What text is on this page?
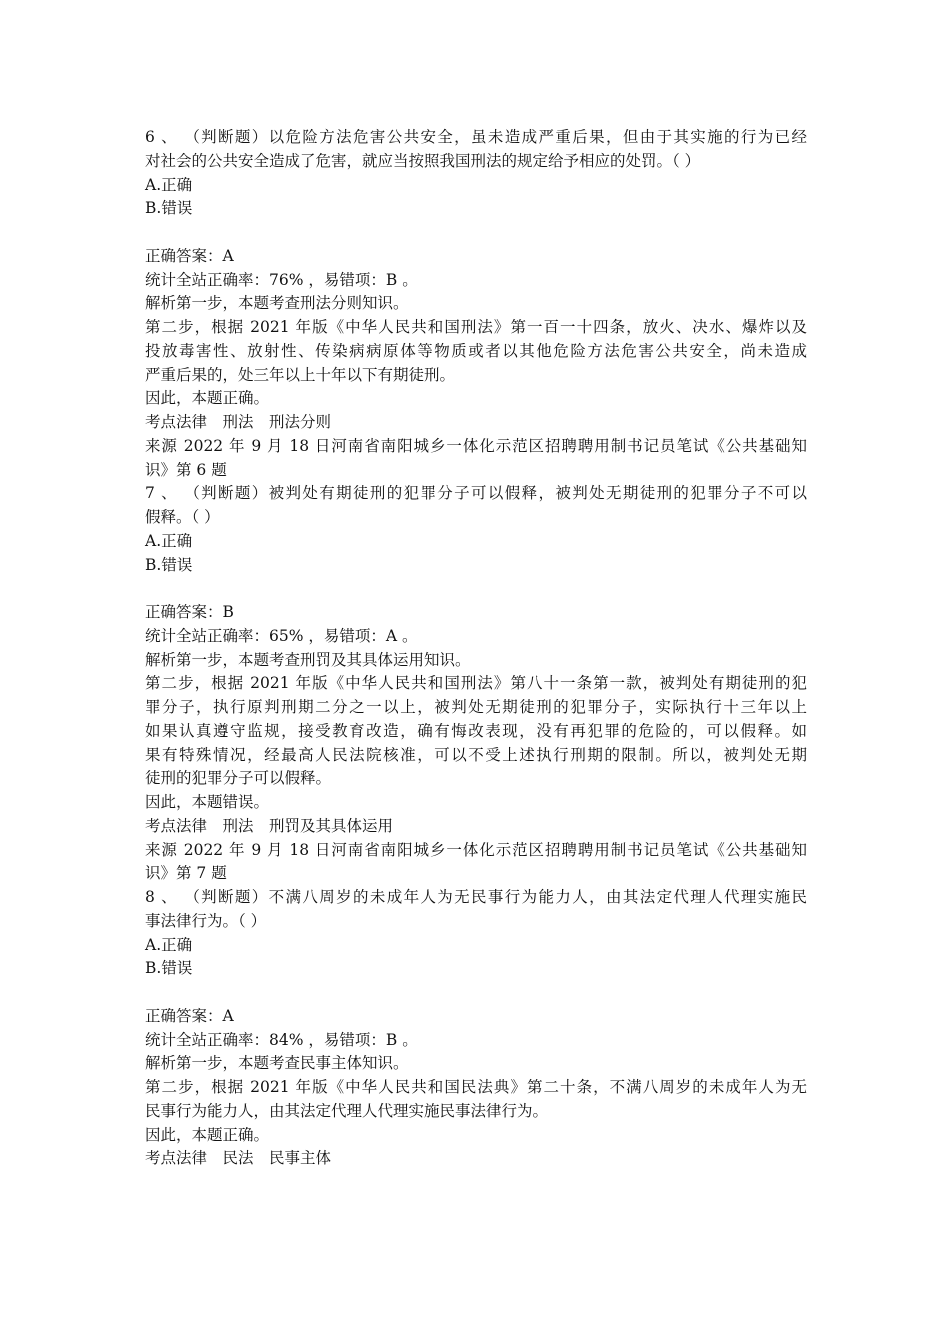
6 、 （判断题）以危险方法危害公共安全，虽未造成严重后果，但由于其实施的行为已经
对社会的公共安全造成了危害，就应当按照我国刑法的规定给予相应的处罚。（ ）
A.正确
B.错误
正确答案：A
统计全站正确率：76% ，易错项：B 。
解析第一步，本题考查刑法分则知识。
第二步，根据 2021 年版《中华人民共和国刑法》第一百一十四条，放火、决水、爆炸以及
投放毒害性、放射性、传染病病原体等物质或者以其他危险方法危害公共安全，尚未造成
严重后果的，处三年以上十年以下有期徒刑。
因此，本题正确。
考点法律　刑法　刑法分则
来源 2022 年 9 月 18 日河南省南阳城乡一体化示范区招聘聘用制书记员笔试《公共基础知
识》第 6 题
7 、 （判断题）被判处有期徒刑的犯罪分子可以假释，被判处无期徒刑的犯罪分子不可以
假释。（ ）
A.正确
B.错误
正确答案：B
统计全站正确率：65% ，易错项：A 。
解析第一步，本题考查刑罚及其具体运用知识。
第二步，根据 2021 年版《中华人民共和国刑法》第八十一条第一款，被判处有期徒刑的犯
罪分子，执行原判刑期二分之一以上，被判处无期徒刑的犯罪分子，实际执行十三年以上
如果认真遵守监规，接受教育改造，确有悔改表现，没有再犯罪的危险的，可以假释。如
果有特殊情况，经最高人民法院核准，可以不受上述执行刑期的限制。所以，被判处无期
徒刑的犯罪分子可以假释。
因此，本题错误。
考点法律　刑法　刑罚及其具体运用
来源 2022 年 9 月 18 日河南省南阳城乡一体化示范区招聘聘用制书记员笔试《公共基础知
识》第 7 题
8 、 （判断题）不满八周岁的未成年人为无民事行为能力人，由其法定代理人代理实施民
事法律行为。（ ）
A.正确
B.错误
正确答案：A
统计全站正确率：84% ，易错项：B 。
解析第一步，本题考查民事主体知识。
第二步，根据 2021 年版《中华人民共和国民法典》第二十条，不满八周岁的未成年人为无
民事行为能力人，由其法定代理人代理实施民事法律行为。
因此，本题正确。
考点法律　民法　民事主体
